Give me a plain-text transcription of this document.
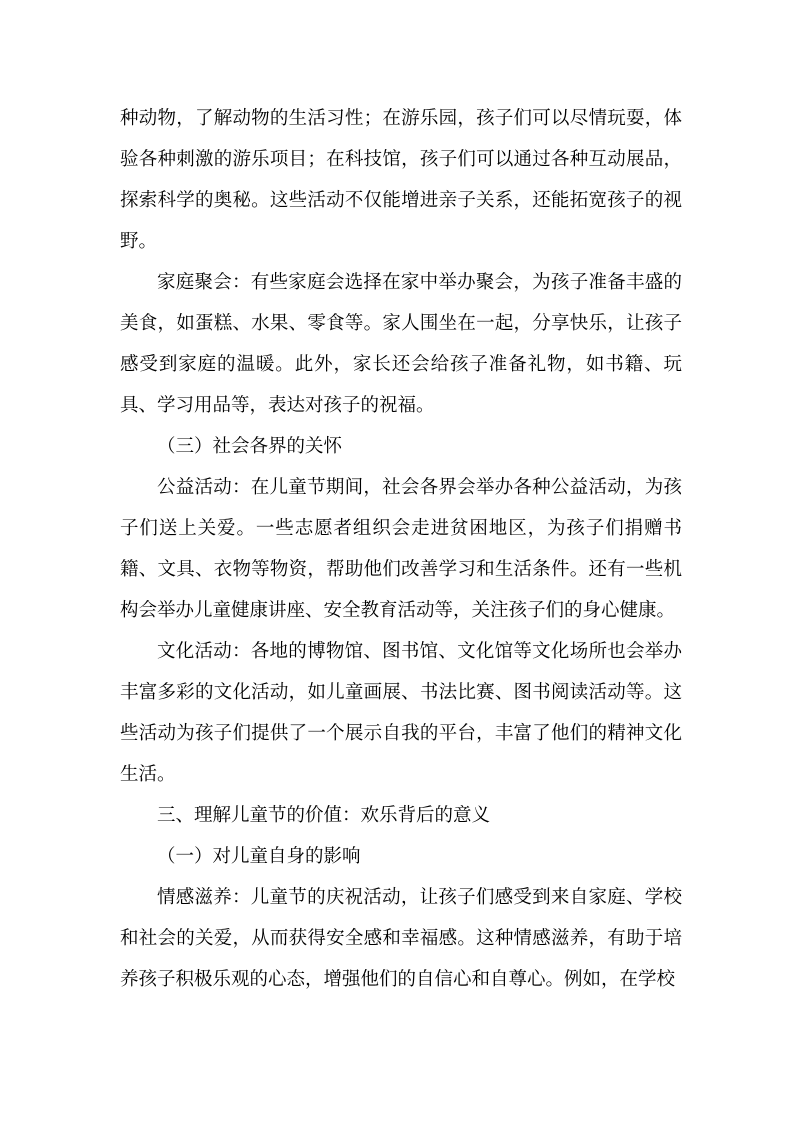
种动物，了解动物的生活习性；在游乐园，孩子们可以尽情玩耍，体验各种刺激的游乐项目；在科技馆，孩子们可以通过各种互动展品，探索科学的奥秘。这些活动不仅能增进亲子关系，还能拓宽孩子的视野。

家庭聚会：有些家庭会选择在家中举办聚会，为孩子准备丰盛的美食，如蛋糕、水果、零食等。家人围坐在一起，分享快乐，让孩子感受到家庭的温暖。此外，家长还会给孩子准备礼物，如书籍、玩具、学习用品等，表达对孩子的祝福。

（三）社会各界的关怀

公益活动：在儿童节期间，社会各界会举办各种公益活动，为孩子们送上关爱。一些志愿者组织会走进贫困地区，为孩子们捐赠书籍、文具、衣物等物资，帮助他们改善学习和生活条件。还有一些机构会举办儿童健康讲座、安全教育活动等，关注孩子们的身心健康。

文化活动：各地的博物馆、图书馆、文化馆等文化场所也会举办丰富多彩的文化活动，如儿童画展、书法比赛、图书阅读活动等。这些活动为孩子们提供了一个展示自我的平台，丰富了他们的精神文化生活。

三、理解儿童节的价值：欢乐背后的意义

（一）对儿童自身的影响

情感滋养：儿童节的庆祝活动，让孩子们感受到来自家庭、学校和社会的关爱，从而获得安全感和幸福感。这种情感滋养，有助于培养孩子积极乐观的心态，增强他们的自信心和自尊心。例如，在学校
